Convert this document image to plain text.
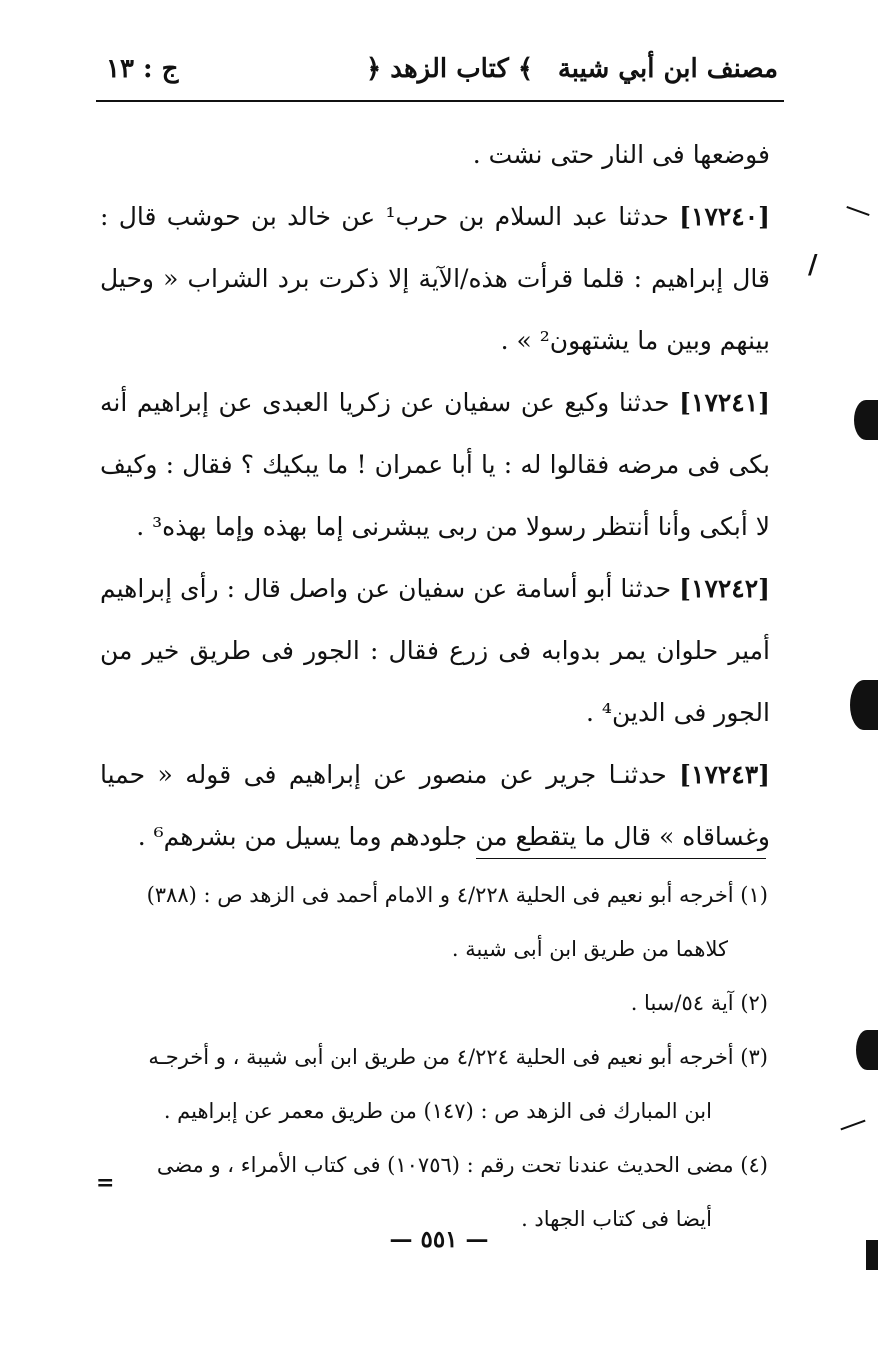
مصنف ابن أبي شيبة
﴿ كتاب الزهد ﴾
ج : ١٣
/

فوضعها فى النار حتى نشت .

[١٧٢٤٠] حدثنا عبد السلام بن حرب¹ عن خالد بن حوشب قال : قال إبراهيم : قلما قرأت هذه/الآية إلا ذكرت برد الشراب « وحيل بينهم وبين ما يشتهون² » .

[١٧٢٤١] حدثنا وكيع عن سفيان عن زكريا العبدى عن إبراهيم أنه بكى فى مرضه فقالوا له : يا أبا عمران ! ما يبكيك ؟ فقال : وكيف لا أبكى وأنا أنتظر رسولا من ربى يبشرنى إما بهذه وإما بهذه³ .

[١٧٢٤٢] حدثنا أبو أسامة عن سفيان عن واصل قال : رأى إبراهيم أمير حلوان يمر بدوابه فى زرع فقال : الجور فى طريق خير من الجور فى الدين⁴ .

[١٧٢٤٣] حدثنـا جرير عن منصور عن إبراهيم فى قوله « حميا وغساقاه » قال ما يتقطع من جلودهم وما يسيل من بشرهم⁶ .

(١) أخرجه أبو نعيم فى الحلية ٤/٢٢٨ و الامام أحمد فى الزهد ص : (٣٨٨)

كلاهما من طريق ابن أبى شيبة .

(٢) آية ٥٤/سبا .

(٣) أخرجه أبو نعيم فى الحلية ٤/٢٢٤ من طريق ابن أبى شيبة ، و أخرجـه

ابن المبارك فى الزهد ص : (١٤٧) من طريق معمر عن إبراهيم .

(٤) مضى الحديث عندنا تحت رقم : (١٠٧٥٦) فى كتاب الأمراء ، و مضى

أيضا فى كتاب الجهاد .

=
— ٥٥١ —
